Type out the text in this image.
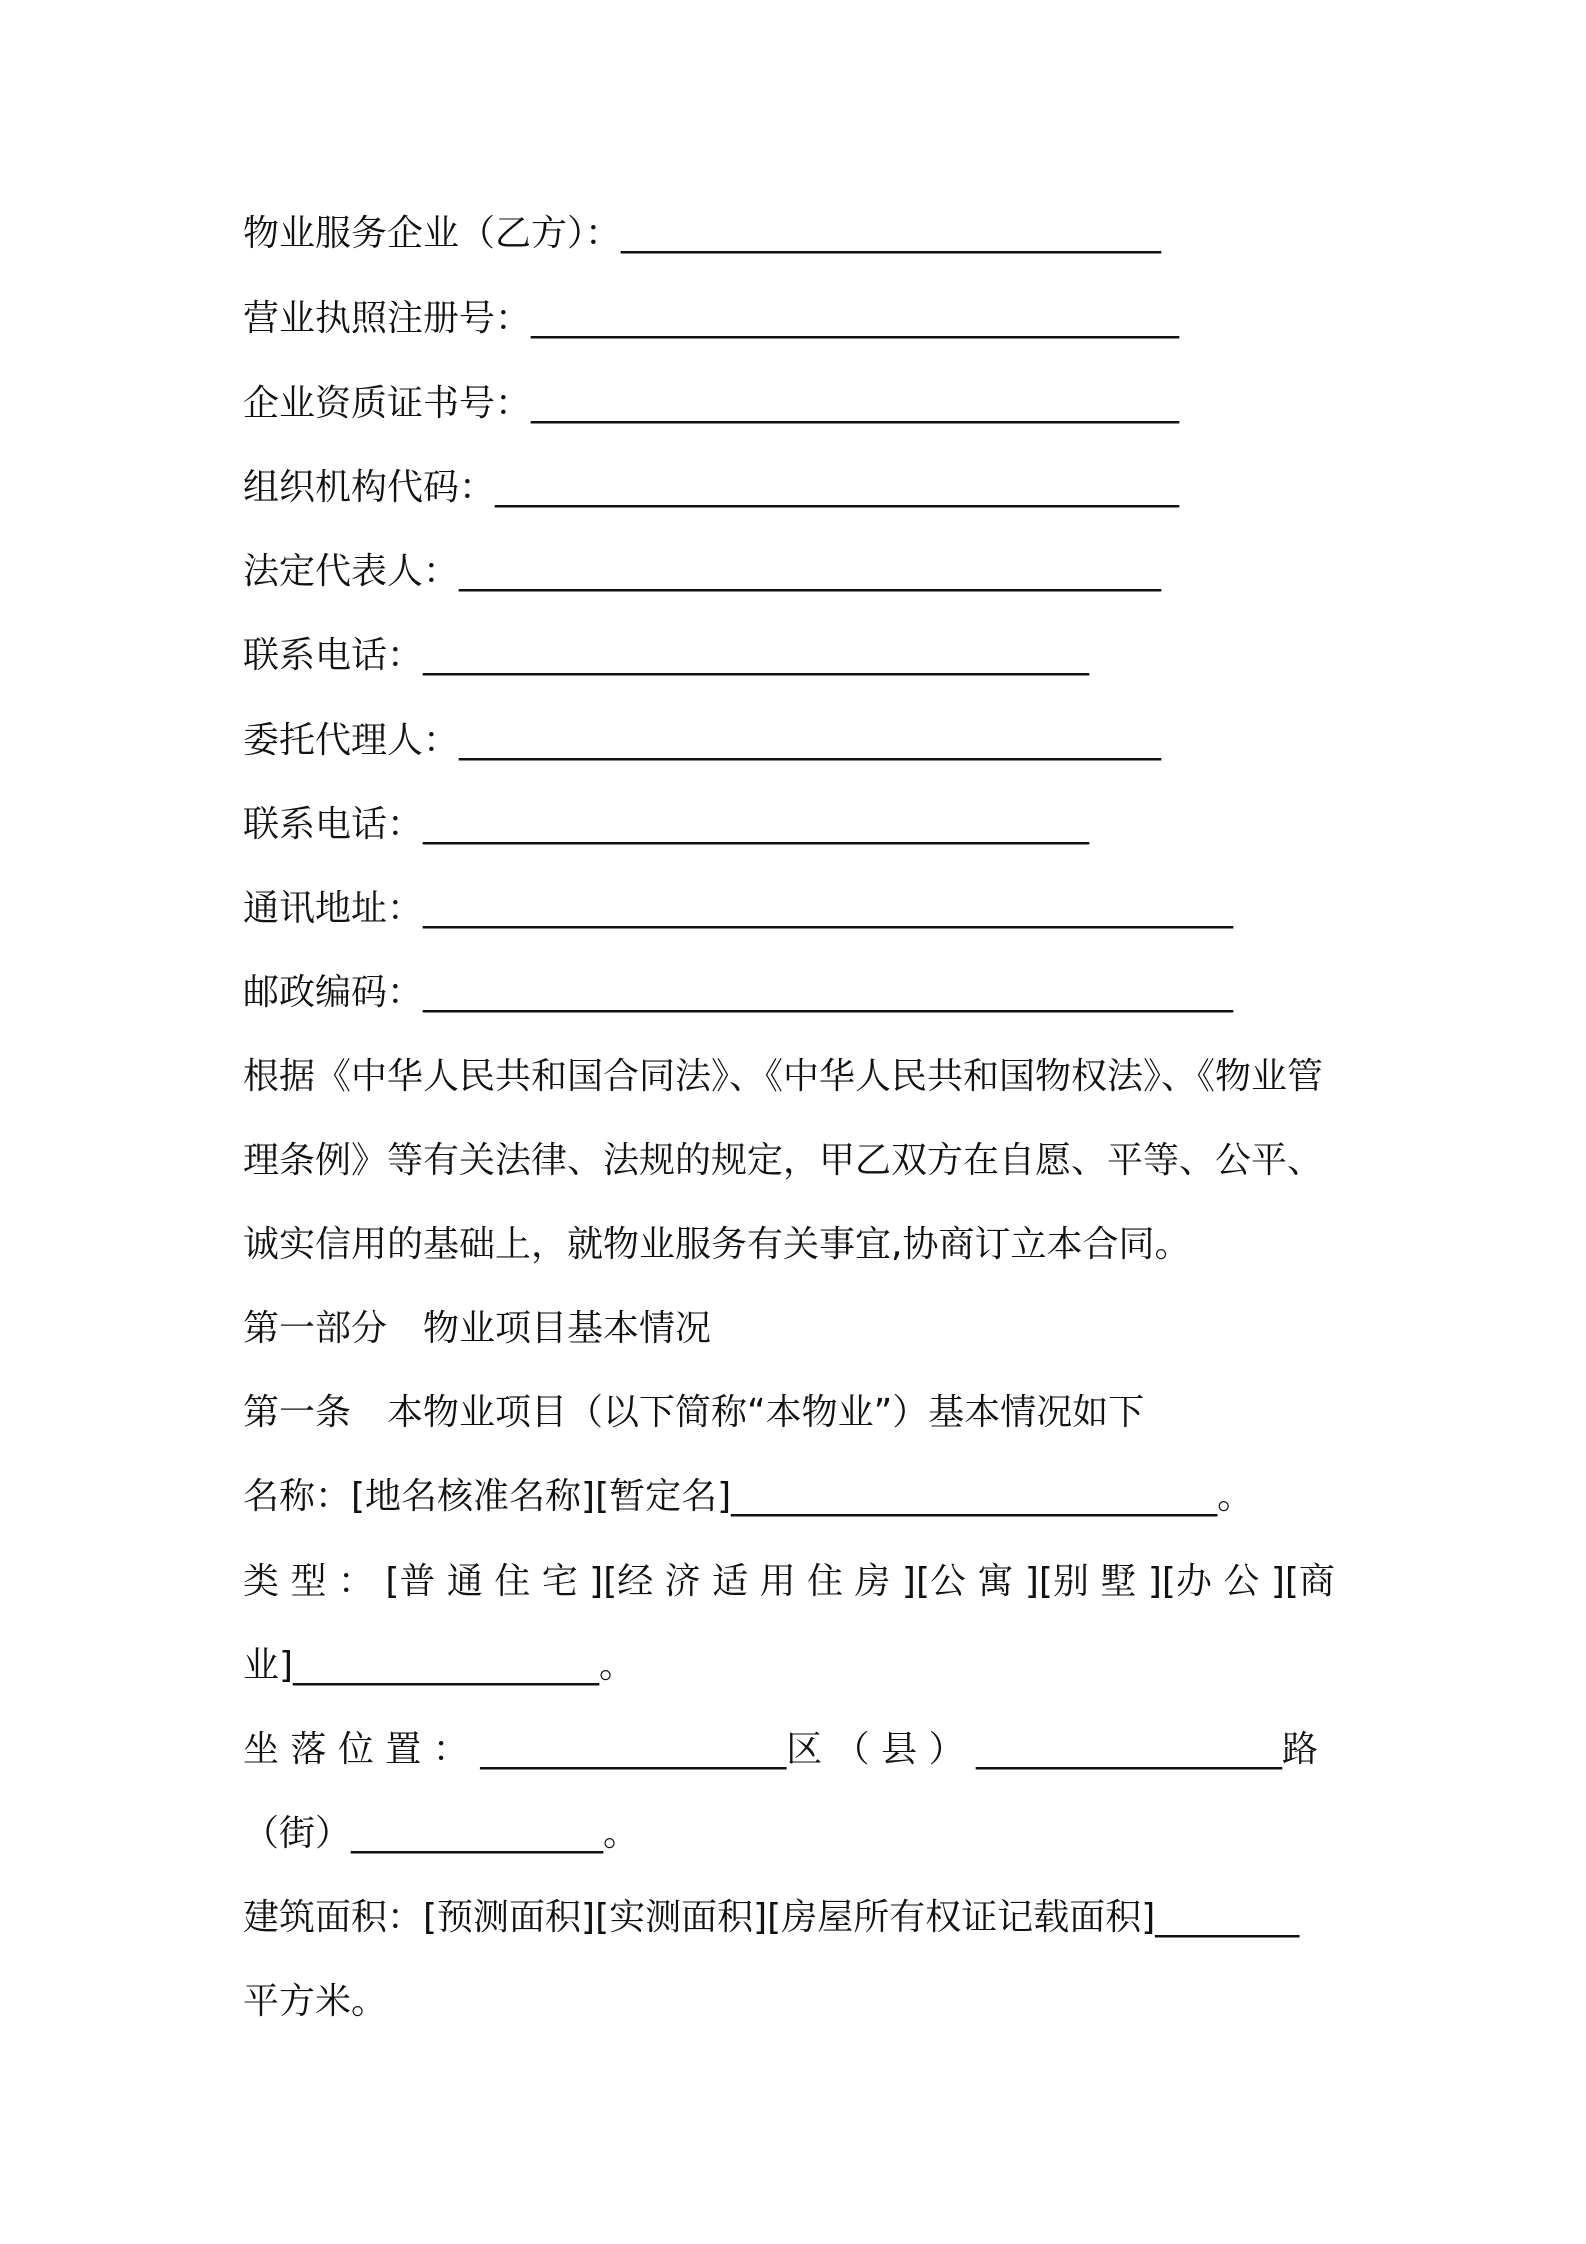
物业服务企业（乙方）：______________________________
营业执照注册号：____________________________________
企业资质证书号：____________________________________
组织机构代码：______________________________________
法定代表人：_______________________________________
联系电话：_____________________________________
委托代理人：_______________________________________
联系电话：_____________________________________
通讯地址：_____________________________________________
邮政编码：_____________________________________________
根据《中华人民共和国合同法》、《中华人民共和国物权法》、《物业管
理条例》等有关法律、法规的规定，甲乙双方在自愿、平等、公平、
诚实信用的基础上，就物业服务有关事宜,协商订立本合同。
第一部分　物业项目基本情况
第一条　本物业项目（以下简称“本物业”）基本情况如下
名称：[地名核准名称][暂定名]___________________________。
类 型 ： [普 通 住 宅 ][经 济 适 用 住 房 ][公 寓 ][别 墅 ][办 公 ][商
业]_________________。
坐 落 位 置 ： _________________区 （ 县 ） _________________路
（街）______________。
建筑面积：[预测面积][实测面积][房屋所有权证记载面积]________
平方米。
